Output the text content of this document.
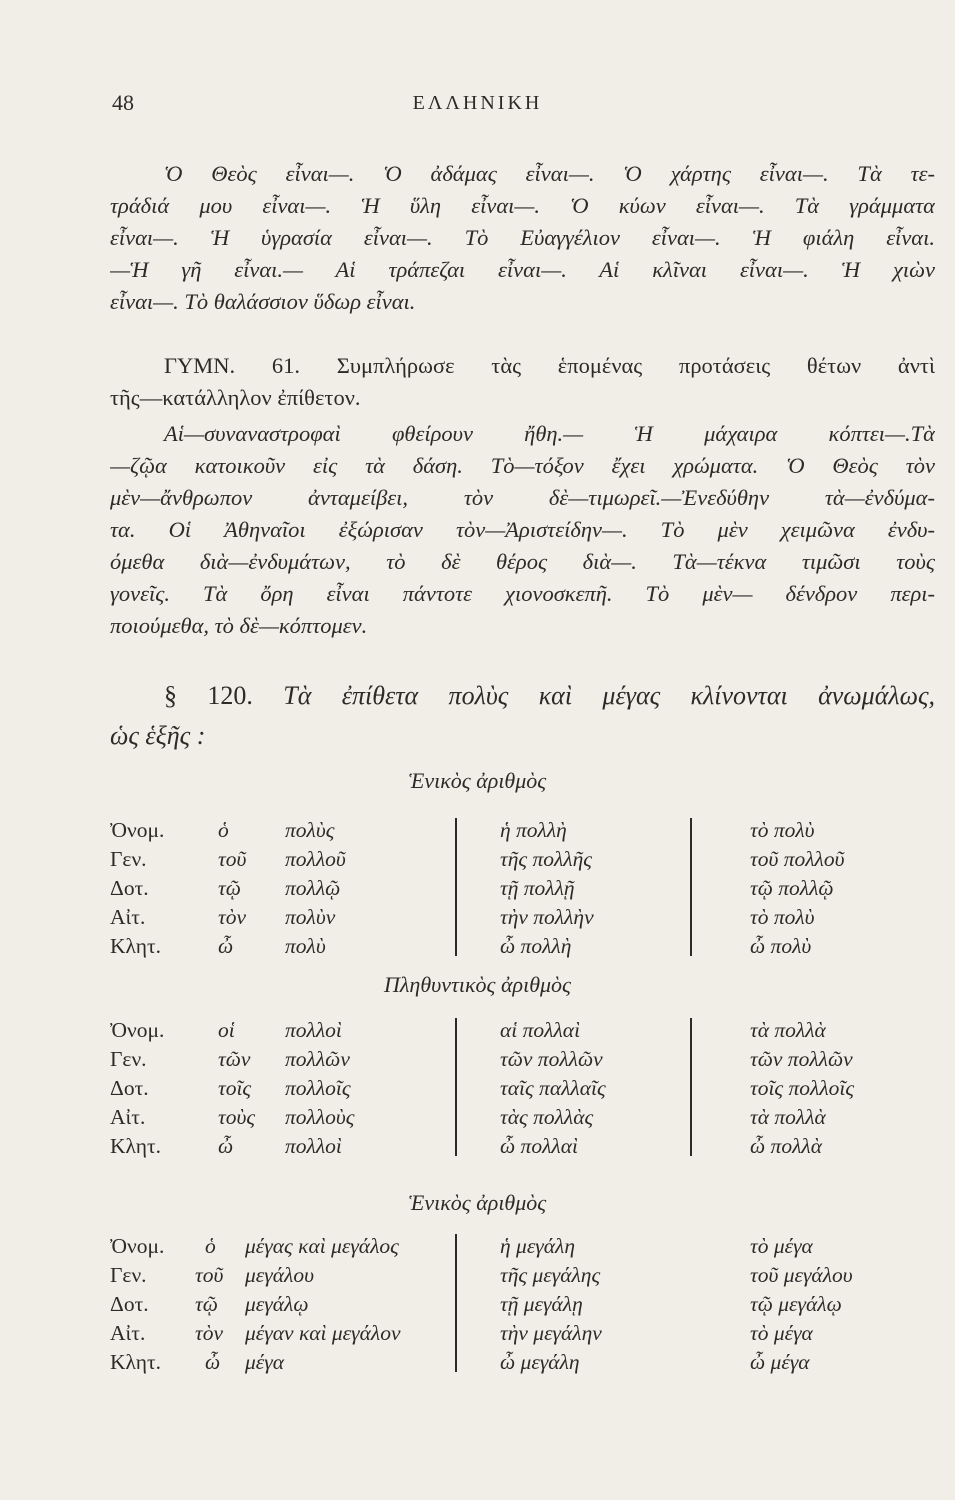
48	ΕΛΛΗΝΙΚΗ
Ὁ Θεὸς εἶναι—. Ὁ ἀδάμας εἶναι—. Ὁ χάρτης εἶναι—. Τὰ τε-
τράδιά μου εἶναι—. Ἡ ὕλη εἶναι—. Ὁ κύων εἶναι—. Τὰ γράμματα
εἶναι—. Ἡ ὑγρασία εἶναι—. Τὸ Εὐαγγέλιον εἶναι—. Ἡ φιάλη εἶναι.
—Ἡ γῆ εἶναι.— Αἱ τράπεζαι εἶναι—. Αἱ κλῖναι εἶναι—. Ἡ χιὼν
εἶναι—. Τὸ θαλάσσιον ὕδωρ εἶναι.
ΓΥΜΝ. 61. Συμπλήρωσε τὰς ἑπομένας προτάσεις θέτων ἀντὶ
τῆς—κατάλληλον ἐπίθετον.
Αἱ—συναναστροφαὶ φθείρουν ἤθη.— Ἡ μάχαιρα κόπτει—.Τὰ
—ζῷα κατοικοῦν εἰς τὰ δάση. Τὸ—τόξον ἔχει χρώματα. Ὁ Θεὸς τὸν
μὲν—ἄνθρωπον ἀνταμείβει, τὸν δὲ—τιμωρεῖ.—Ἐνεδύθην τὰ—ἐνδύμα-
τα. Οἱ Ἀθηναῖοι ἐξώρισαν τὸν—Ἀριστείδην—. Τὸ μὲν χειμῶνα ἐνδυ-
όμεθα διὰ—ἐνδυμάτων, τὸ δὲ θέρος διὰ—. Τὰ—τέκνα τιμῶσι τοὺς
γονεῖς. Τὰ ὄρη εἶναι πάντοτε χιονοσκεπῆ. Τὸ μὲν— δένδρον περι-
ποιούμεθα, τὸ δὲ—κόπτομεν.
§ 120. Τὰ ἐπίθετα πολὺς καὶ μέγας κλίνονται ἀνωμάλως,
ὡς ἑξῆς :
Ἑνικὸς ἀριθμὸς
Ὀνομ. ὁ	πολὺς	ἡ πολλὴ	τὸ πολὺ
Γεν.	τοῦ πολλοῦ	τῆς πολλῆς	τοῦ πολλοῦ
Δοτ.	τῷ πολλῷ	τῇ πολλῇ	τῷ πολλῷ
Αἰτ.	τὸν πολὺν	τὴν πολλὴν	τὸ πολὺ
Κλητ.	ὦ πολὺ	ὦ πολλὴ	ὦ πολὺ
Πληθυντικὸς ἀριθμὸς
Ὀνομ. οἱ πολλοὶ	αἱ πολλαὶ	τὰ πολλὰ
Γεν.	τῶν πολλῶν	τῶν πολλῶν	τῶν πολλῶν
Δοτ.	τοῖς πολλοῖς	ταῖς παλλαῖς	τοῖς πολλοῖς
Αἰτ.	τοὺς πολλοὺς	τὰς πολλὰς	τὰ πολλὰ
Κλητ.	ὦ πολλοὶ	ὦ πολλαὶ	ὦ πολλὰ
Ἑνικὸς ἀριθμὸς
Ὀνομ. ὁ μέγας καὶ μεγάλος	ἡ μεγάλη	τὸ μέγα
Γεν. τοῦ μεγάλου	τῆς μεγάλης	τοῦ μεγάλου
Δοτ. τῷ μεγάλῳ	τῇ μεγάλῃ	τῷ μεγάλῳ
Αἰτ. τὸν μέγαν καὶ μεγάλον	τὴν μεγάλην	τὸ μέγα
Κλητ. ὦ μέγα	ὦ μεγάλη	ὦ μέγα
